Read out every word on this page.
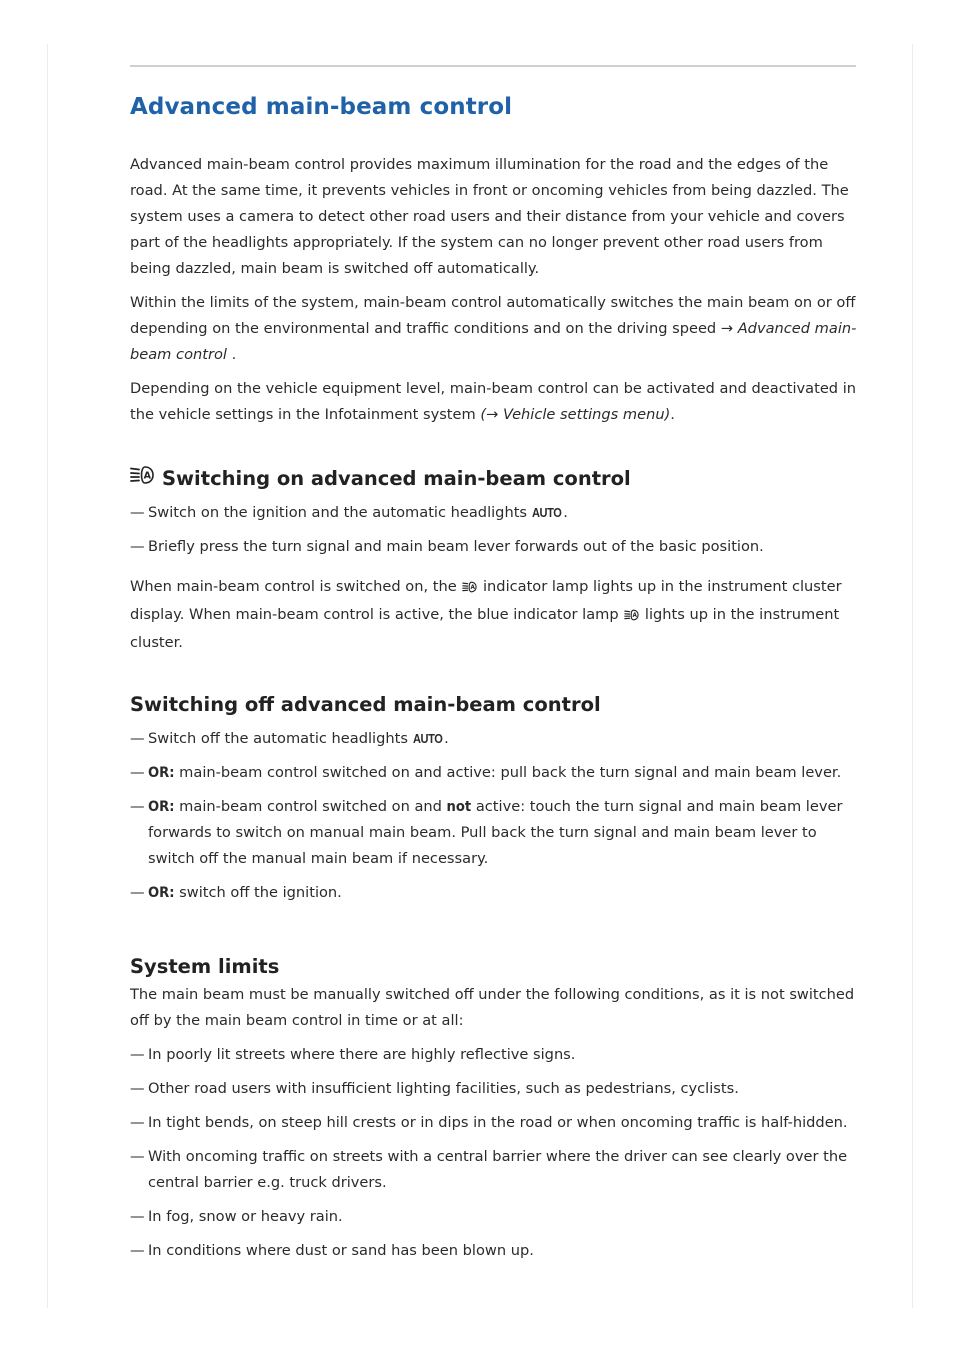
Advanced main-beam control

Advanced main-beam control provides maximum illumination for the road and the edges of the road. At the same time, it prevents vehicles in front or oncoming vehicles from being dazzled. The system uses a camera to detect other road users and their distance from your vehicle and covers part of the headlights appropriately. If the system can no longer prevent other road users from being dazzled, main beam is switched off automatically.

Within the limits of the system, main-beam control automatically switches the main beam on or off depending on the environmental and traffic conditions and on the driving speed → Advanced main-beam control .

Depending on the vehicle equipment level, main-beam control can be activated and deactivated in the vehicle settings in the Infotainment system (→ Vehicle settings menu).

A Switching on advanced main-beam control
— Switch on the ignition and the automatic headlights AUTO .
— Briefly press the turn signal and main beam lever forwards out of the basic position.

When main-beam control is switched on, the A indicator lamp lights up in the instrument cluster display. When main-beam control is active, the blue indicator lamp A lights up in the instrument cluster.

Switching off advanced main-beam control
— Switch off the automatic headlights AUTO .
— OR: main-beam control switched on and active: pull back the turn signal and main beam lever.
— OR: main-beam control switched on and not active: touch the turn signal and main beam lever forwards to switch on manual main beam. Pull back the turn signal and main beam lever to switch off the manual main beam if necessary.
— OR: switch off the ignition.
System limits

The main beam must be manually switched off under the following conditions, as it is not switched off by the main beam control in time or at all:

— In poorly lit streets where there are highly reflective signs.
— Other road users with insufficient lighting facilities, such as pedestrians, cyclists.
— In tight bends, on steep hill crests or in dips in the road or when oncoming traffic is half-hidden.
— With oncoming traffic on streets with a central barrier where the driver can see clearly over the central barrier e.g. truck drivers.
— In fog, snow or heavy rain.
— In conditions where dust or sand has been blown up.
